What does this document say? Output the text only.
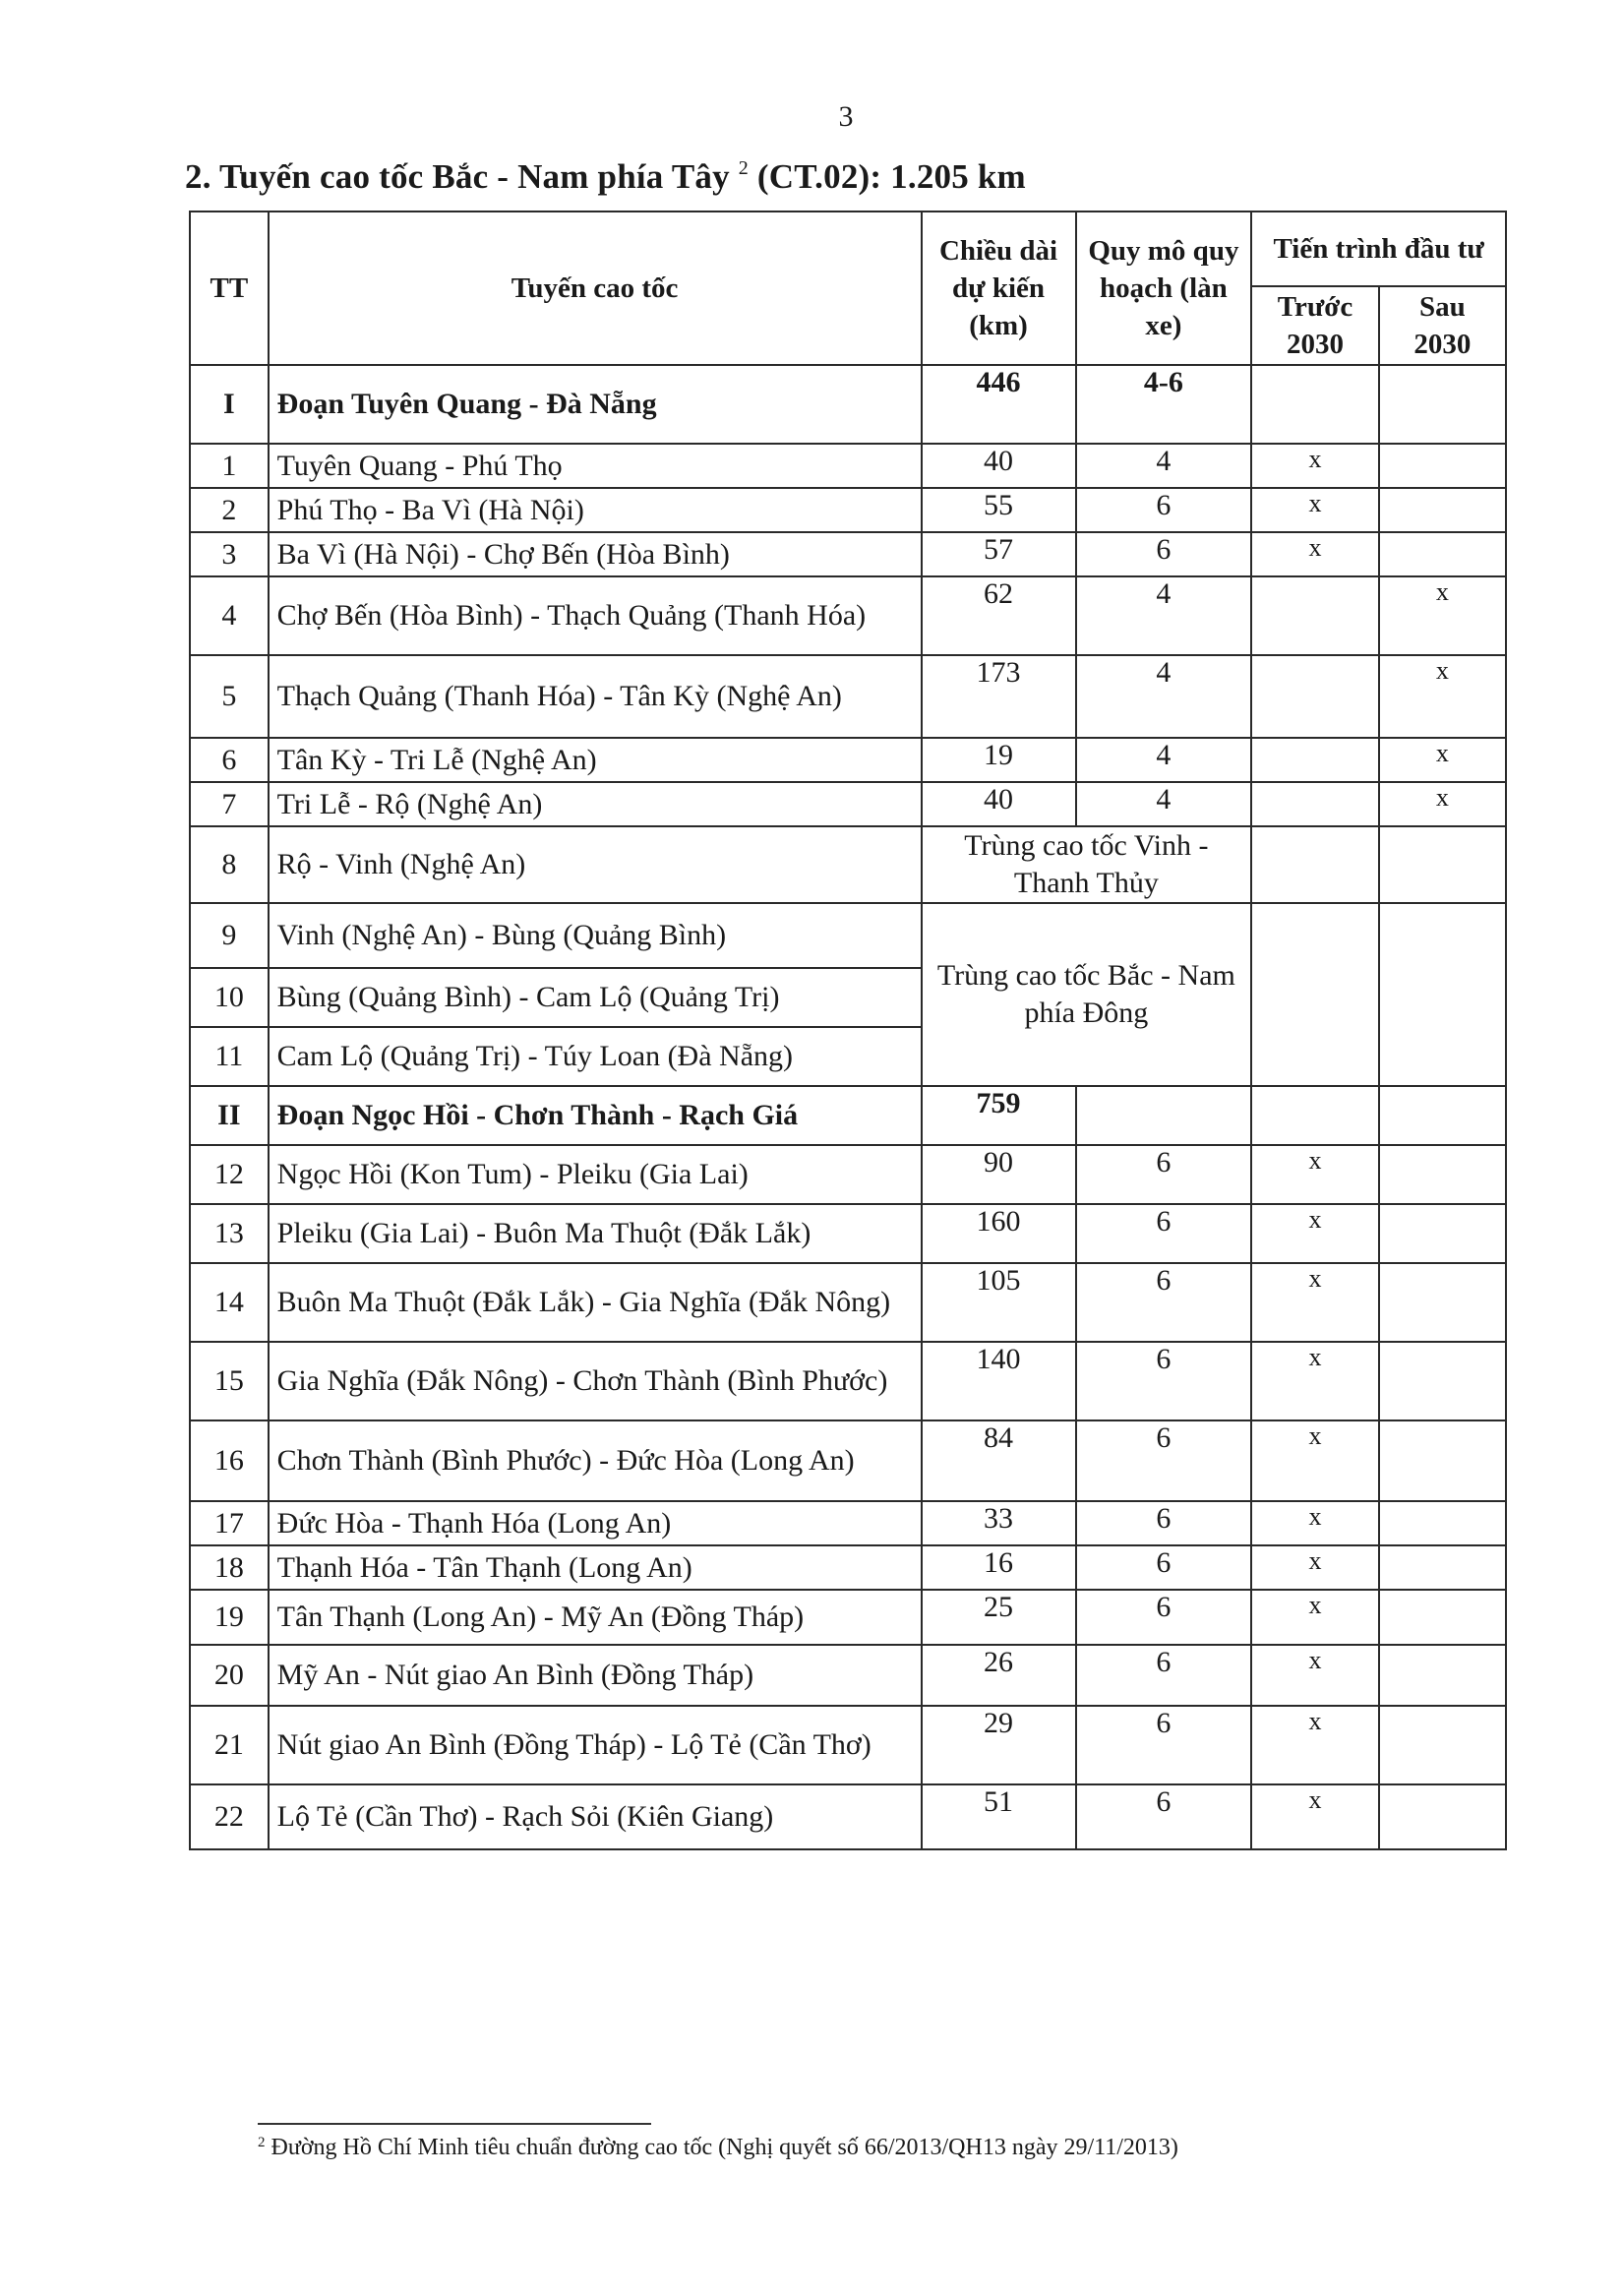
3
2. Tuyến cao tốc Bắc - Nam phía Tây $^2$ (CT.02): 1.205 km
TT	Tuyến cao tốc	Chiều dài dự kiến (km)	Quy mô quy hoạch (làn xe)	Tiến trình đầu tư	
				Trước 2030	Sau 2030
I	Đoạn Tuyên Quang - Đà Nẵng	446	4-6		
1	Tuyên Quang - Phú Thọ	40	4	x	
2	Phú Thọ - Ba Vì (Hà Nội)	55	6	x	
3	Ba Vì (Hà Nội) - Chợ Bến (Hòa Bình)	57	6	x	
4	Chợ Bến (Hòa Bình) - Thạch Quảng (Thanh Hóa)	62	4		x
5	Thạch Quảng (Thanh Hóa) - Tân Kỳ (Nghệ An)	173	4		x
6	Tân Kỳ - Tri Lễ (Nghệ An)	19	4		x
7	Tri Lễ - Rộ (Nghệ An)	40	4		x
8	Rộ - Vinh (Nghệ An)	Trùng cao tốc Vinh - Thanh Thủy			
9	Vinh (Nghệ An) - Bùng (Quảng Bình)	Trùng cao tốc Bắc - Nam phía Đông			
10	Bùng (Quảng Bình) - Cam Lộ (Quảng Trị)				
11	Cam Lộ (Quảng Trị) - Túy Loan (Đà Nẵng)				
II	Đoạn Ngọc Hồi - Chơn Thành - Rạch Giá	759			
12	Ngọc Hồi (Kon Tum) - Pleiku (Gia Lai)	90	6	x	
13	Pleiku (Gia Lai) - Buôn Ma Thuột (Đắk Lắk)	160	6	x	
14	Buôn Ma Thuột (Đắk Lắk) - Gia Nghĩa (Đắk Nông)	105	6	x	
15	Gia Nghĩa (Đắk Nông) - Chơn Thành (Bình Phước)	140	6	x	
16	Chơn Thành (Bình Phước) - Đức Hòa (Long An)	84	6	x	
17	Đức Hòa - Thạnh Hóa (Long An)	33	6	x	
18	Thạnh Hóa - Tân Thạnh (Long An)	16	6	x	
19	Tân Thạnh (Long An) - Mỹ An (Đồng Tháp)	25	6	x	
20	Mỹ An - Nút giao An Bình (Đồng Tháp)	26	6	x	
21	Nút giao An Bình (Đồng Tháp) - Lộ Tẻ (Cần Thơ)	29	6	x	
22	Lộ Tẻ (Cần Thơ) - Rạch Sỏi (Kiên Giang)	51	6	x	
$^2$ Đường Hồ Chí Minh tiêu chuẩn đường cao tốc (Nghị quyết số 66/2013/QH13 ngày 29/11/2013)
